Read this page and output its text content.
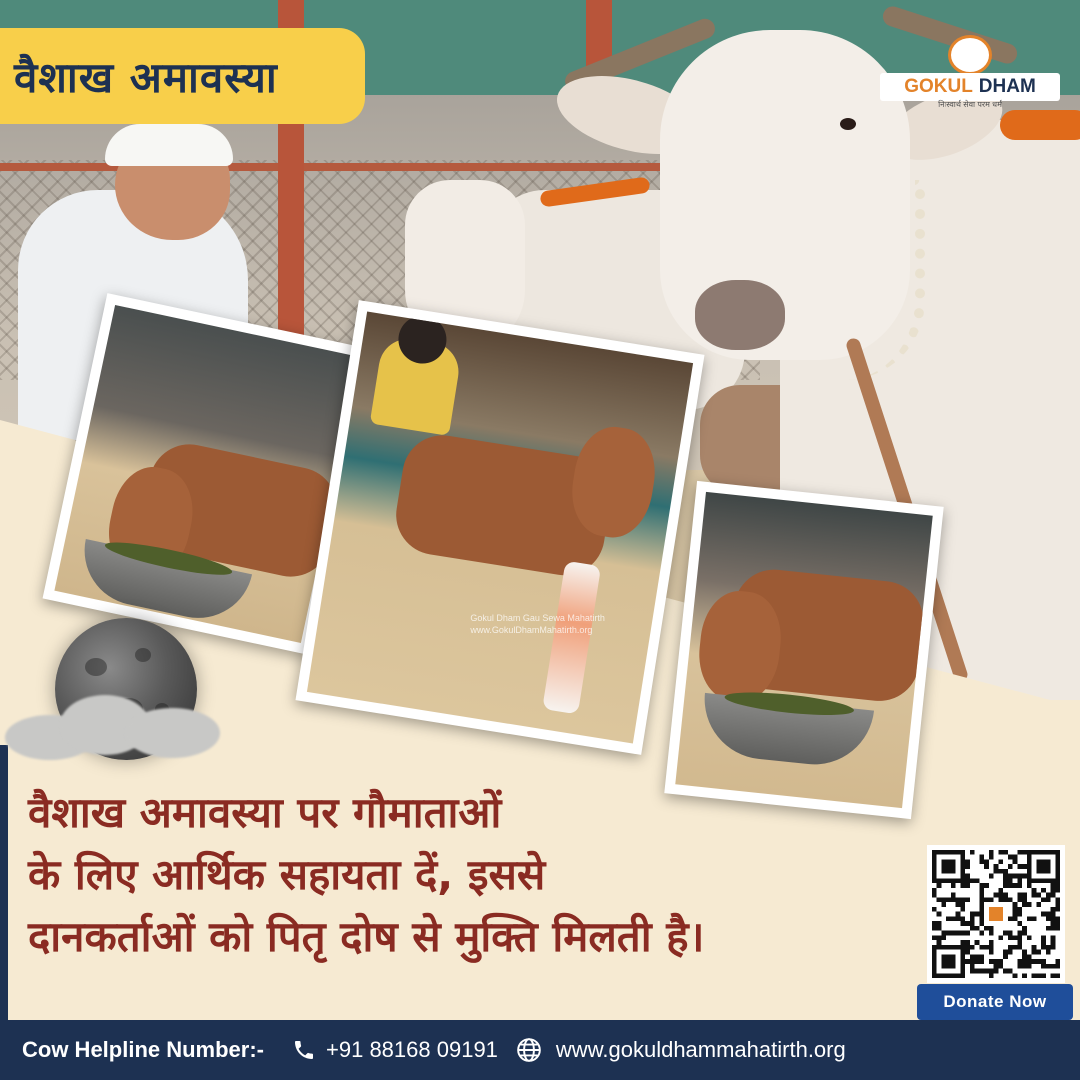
वैशाख अमावस्या	GOKUL DHAM
निःस्वार्थ सेवा परम धर्म
Gokul Dham Gau Sewa Mahatirth
www.GokulDhamMahatirth.org
वैशाख अमावस्या पर गौमाताओं
के लिए आर्थिक सहायता दें, इससे
दानकर्ताओं को पितृ दोष से मुक्ति मिलती है।
Donate Now
Cow Helpline Number:-	+91 88168 09191	www.gokuldhammahatirth.org
